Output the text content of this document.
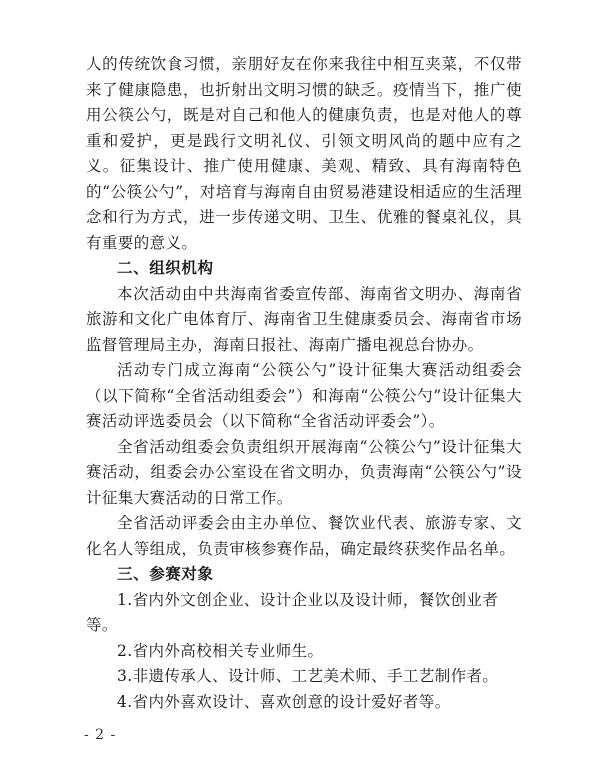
人的传统饮食习惯，亲朋好友在你来我往中相互夹菜，不仅带来了健康隐患，也折射出文明习惯的缺乏。疫情当下，推广使用公筷公勺，既是对自己和他人的健康负责，也是对他人的尊重和爱护，更是践行文明礼仪、引领文明风尚的题中应有之义。征集设计、推广使用健康、美观、精致、具有海南特色的“公筷公勺”，对培育与海南自由贸易港建设相适应的生活理念和行为方式，进一步传递文明、卫生、优雅的餐桌礼仪，具有重要的意义。

二、组织机构

本次活动由中共海南省委宣传部、海南省文明办、海南省旅游和文化广电体育厅、海南省卫生健康委员会、海南省市场监督管理局主办，海南日报社、海南广播电视总台协办。

活动专门成立海南“公筷公勺”设计征集大赛活动组委会（以下简称“全省活动组委会”）和海南“公筷公勺”设计征集大赛活动评选委员会（以下简称“全省活动评委会”）。

全省活动组委会负责组织开展海南“公筷公勺”设计征集大赛活动，组委会办公室设在省文明办，负责海南“公筷公勺”设计征集大赛活动的日常工作。

全省活动评委会由主办单位、餐饮业代表、旅游专家、文化名人等组成，负责审核参赛作品，确定最终获奖作品名单。

三、参赛对象
1.省内外文创企业、设计企业以及设计师，餐饮创业者等。
2.省内外高校相关专业师生。
3.非遗传承人、设计师、工艺美术师、手工艺制作者。
4.省内外喜欢设计、喜欢创意的设计爱好者等。
- 2 -
